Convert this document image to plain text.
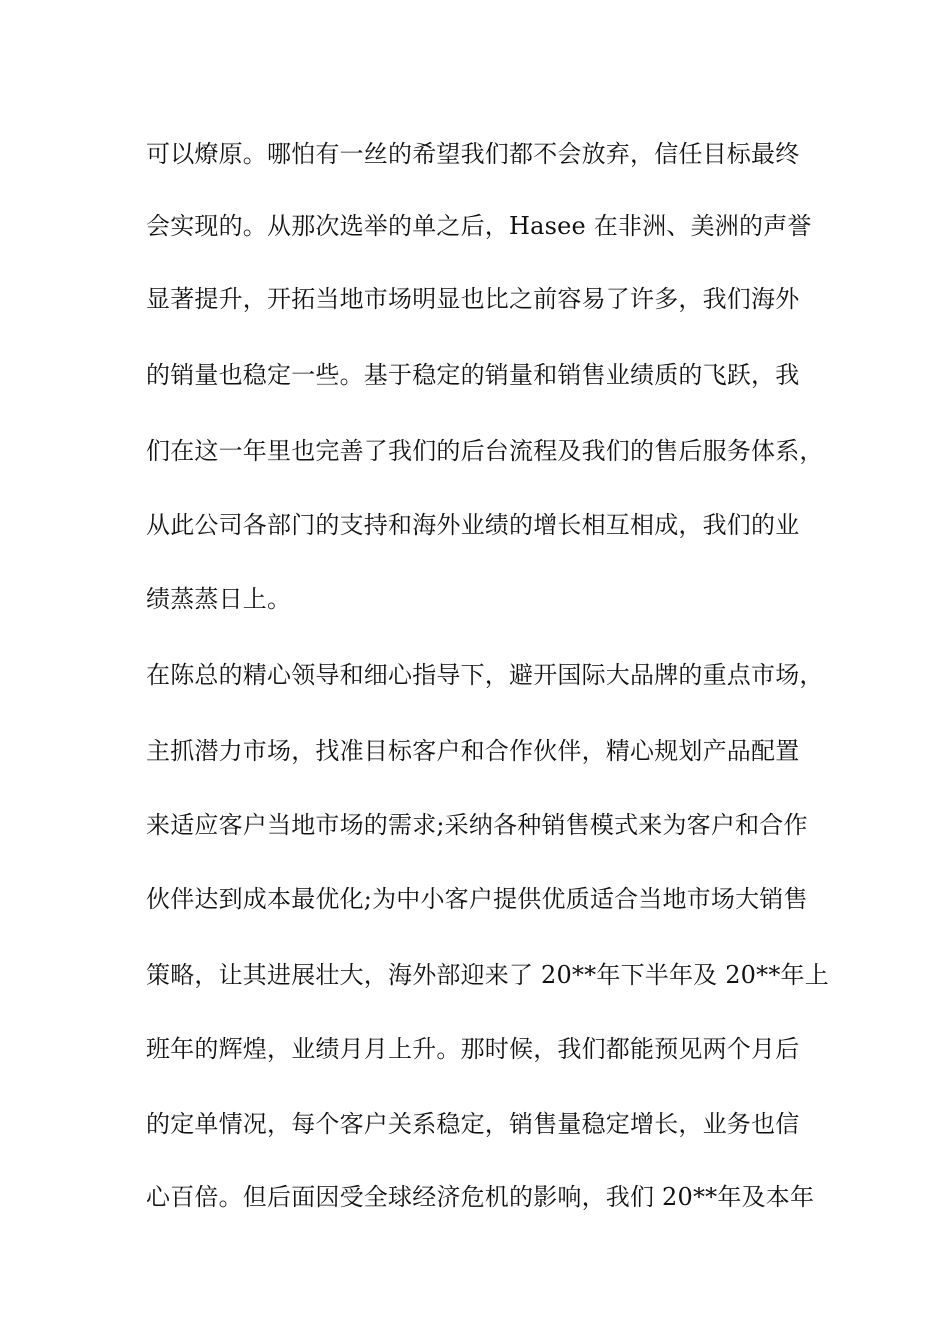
可以燎原。哪怕有一丝的希望我们都不会放弃，信任目标最终
会实现的。从那次选举的单之后，Hasee 在非洲、美洲的声誉
显著提升，开拓当地市场明显也比之前容易了许多，我们海外
的销量也稳定一些。基于稳定的销量和销售业绩质的飞跃，我
们在这一年里也完善了我们的后台流程及我们的售后服务体系，
从此公司各部门的支持和海外业绩的增长相互相成，我们的业
绩蒸蒸日上。
在陈总的精心领导和细心指导下，避开国际大品牌的重点市场，
主抓潜力市场，找准目标客户和合作伙伴，精心规划产品配置
来适应客户当地市场的需求;采纳各种销售模式来为客户和合作
伙伴达到成本最优化;为中小客户提供优质适合当地市场大销售
策略，让其进展壮大，海外部迎来了 20**年下半年及 20**年上
班年的辉煌，业绩月月上升。那时候，我们都能预见两个月后
的定单情况，每个客户关系稳定，销售量稳定增长，业务也信
心百倍。但后面因受全球经济危机的影响，我们 20**年及本年
